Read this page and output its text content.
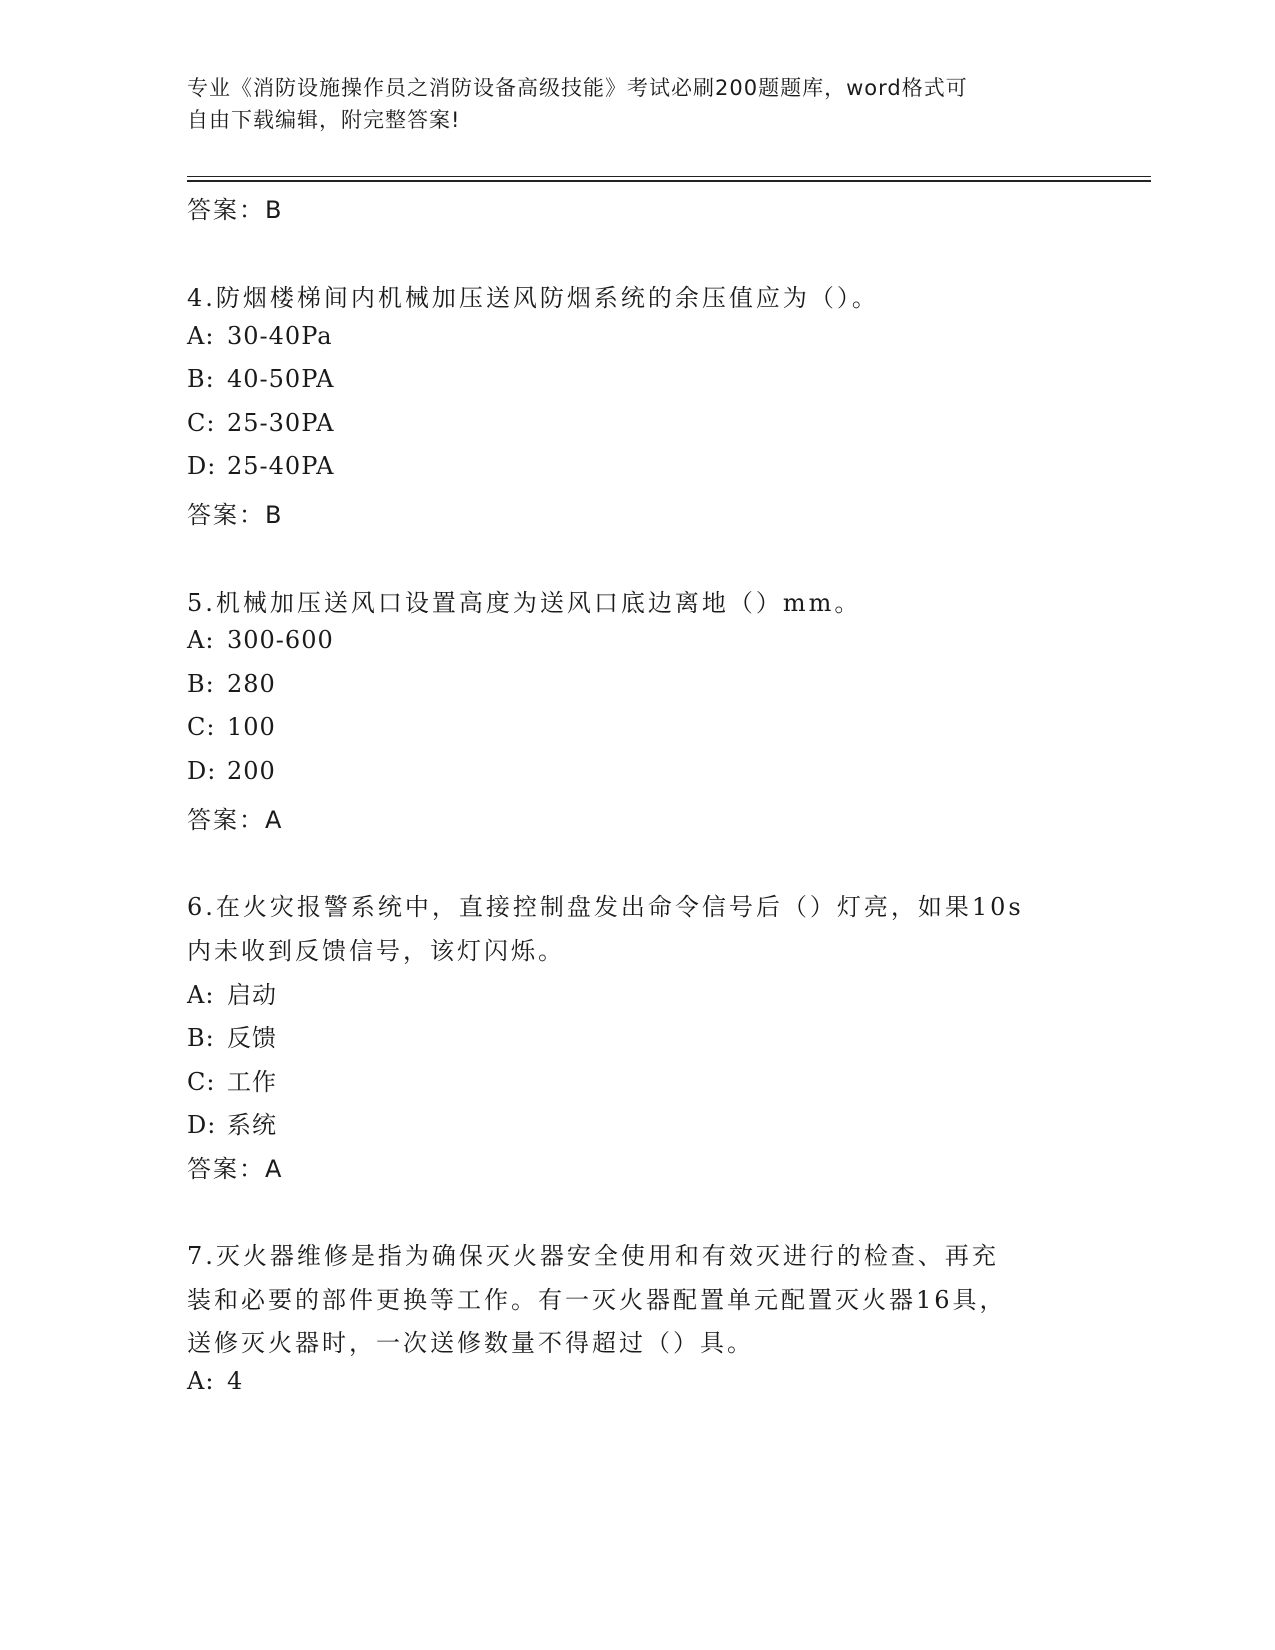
专业《消防设施操作员之消防设备高级技能》考试必刷200题题库，word格式可
自由下载编辑，附完整答案!
答案：B
4.防烟楼梯间内机械加压送风防烟系统的余压值应为（）。
A: 30-40Pa
B: 40-50PA
C: 25-30PA
D: 25-40PA
答案：B
5.机械加压送风口设置高度为送风口底边离地（）mm。
A: 300-600
B: 280
C: 100
D: 200
答案：A
6.在火灾报警系统中，直接控制盘发出命令信号后（）灯亮，如果10s
内未收到反馈信号，该灯闪烁。
A: 启动
B: 反馈
C: 工作
D: 系统
答案：A
7.灭火器维修是指为确保灭火器安全使用和有效灭进行的检查、再充
装和必要的部件更换等工作。有一灭火器配置单元配置灭火器16具，
送修灭火器时，一次送修数量不得超过（）具。
A: 4
